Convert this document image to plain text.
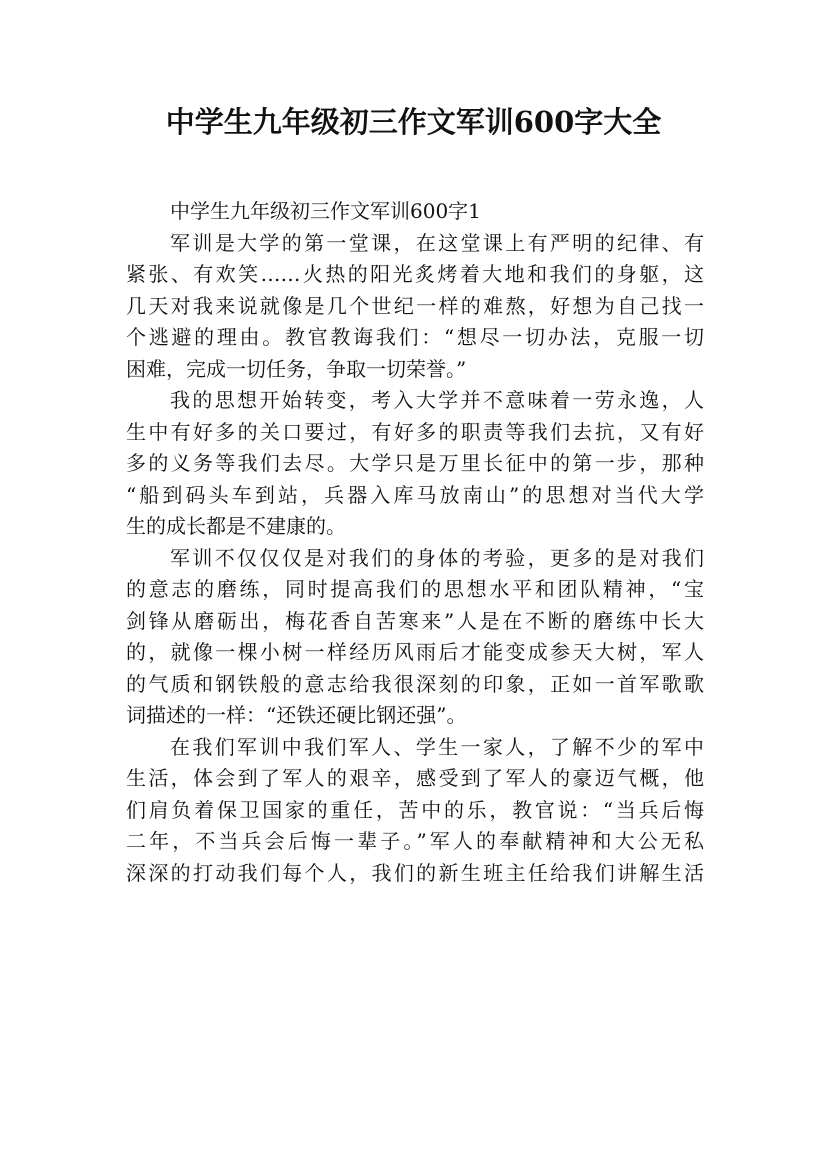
中学生九年级初三作文军训600字大全
中学生九年级初三作文军训600字1
军训是大学的第一堂课，在这堂课上有严明的纪律、有
紧张、有欢笑……火热的阳光炙烤着大地和我们的身躯，这
几天对我来说就像是几个世纪一样的难熬，好想为自己找一
个逃避的理由。教官教诲我们：“想尽一切办法，克服一切
困难，完成一切任务，争取一切荣誉。”
我的思想开始转变，考入大学并不意味着一劳永逸，人
生中有好多的关口要过，有好多的职责等我们去抗，又有好
多的义务等我们去尽。大学只是万里长征中的第一步，那种
“船到码头车到站，兵器入库马放南山”的思想对当代大学
生的成长都是不建康的。
军训不仅仅仅是对我们的身体的考验，更多的是对我们
的意志的磨练，同时提高我们的思想水平和团队精神，“宝
剑锋从磨砺出，梅花香自苦寒来”人是在不断的磨练中长大
的，就像一棵小树一样经历风雨后才能变成参天大树，军人
的气质和钢铁般的意志给我很深刻的印象，正如一首军歌歌
词描述的一样：“还铁还硬比钢还强”。
在我们军训中我们军人、学生一家人，了解不少的军中
生活，体会到了军人的艰辛，感受到了军人的豪迈气概，他
们肩负着保卫国家的重任，苦中的乐，教官说：“当兵后悔
二年，不当兵会后悔一辈子。”军人的奉献精神和大公无私
深深的打动我们每个人，我们的新生班主任给我们讲解生活
